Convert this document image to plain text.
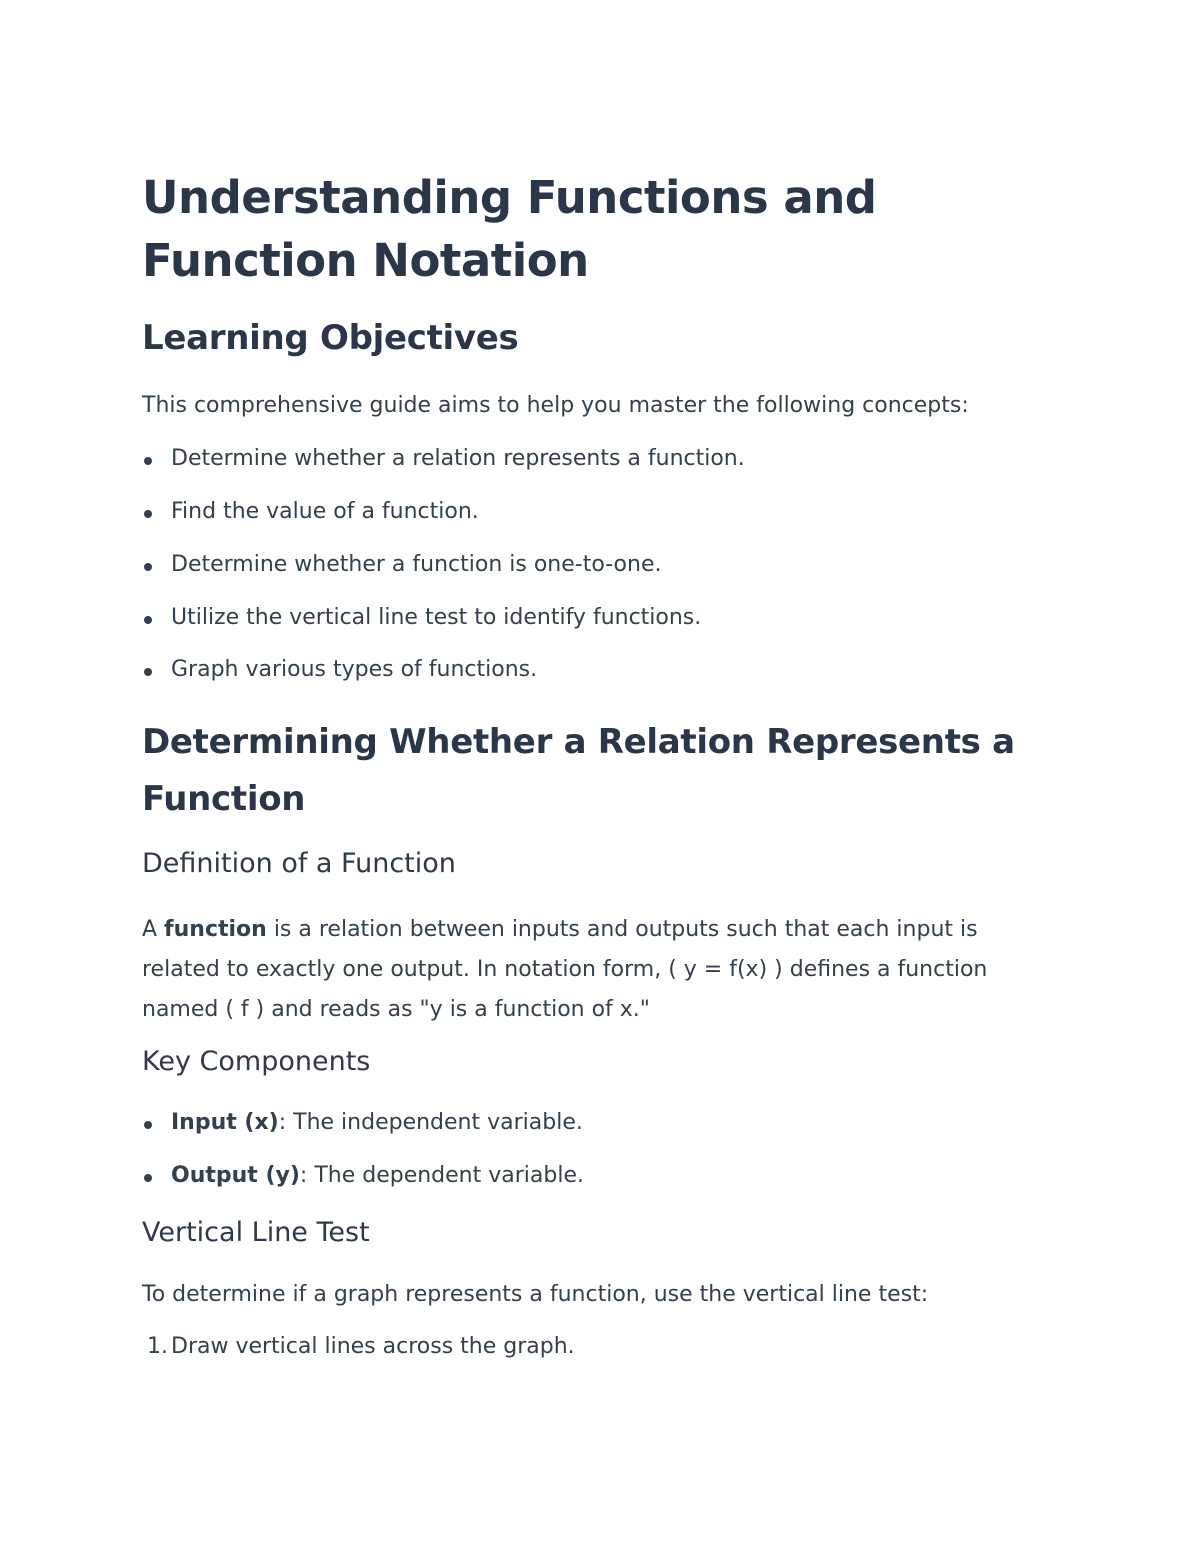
Understanding Functions and Function Notation
Learning Objectives

This comprehensive guide aims to help you master the following concepts:

Determine whether a relation represents a function.
Find the value of a function.
Determine whether a function is one-to-one.
Utilize the vertical line test to identify functions.
Graph various types of functions.
Determining Whether a Relation Represents a Function
Definition of a Function

A function is a relation between inputs and outputs such that each input is related to exactly one output. In notation form, ( y = f(x) ) defines a function named ( f ) and reads as "y is a function of x."

Key Components
Input (x): The independent variable.
Output (y): The dependent variable.
Vertical Line Test

To determine if a graph represents a function, use the vertical line test:

1. Draw vertical lines across the graph.
